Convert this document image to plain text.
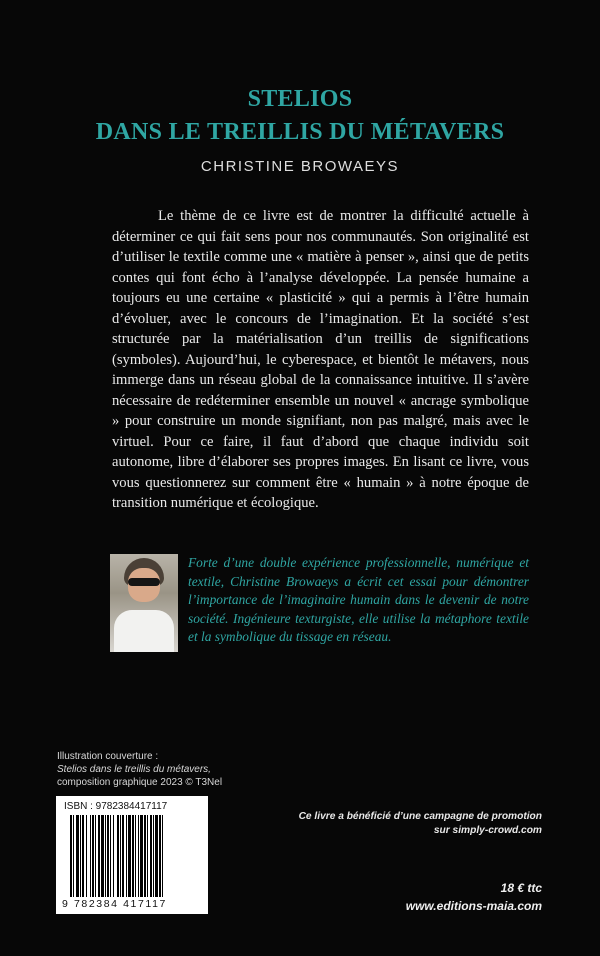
STELIOS
DANS LE TREILLIS DU MÉTAVERS
CHRISTINE BROWAEYS

Le thème de ce livre est de montrer la difficulté actuelle à déterminer ce qui fait sens pour nos communautés. Son originalité est d’utiliser le textile comme une « matière à penser », ainsi que de petits contes qui font écho à l’analyse développée. La pensée humaine a toujours eu une certaine « plasticité » qui a permis à l’être humain d’évoluer, avec le concours de l’imagination. Et la société s’est structurée par la matérialisation d’un treillis de significations (symboles). Aujourd’hui, le cyberespace, et bientôt le métavers, nous immerge dans un réseau global de la connaissance intuitive. Il s’avère nécessaire de redéterminer ensemble un nouvel « ancrage symbolique » pour construire un monde signifiant, non pas malgré, mais avec le virtuel. Pour ce faire, il faut d’abord que chaque individu soit autonome, libre d’élaborer ses propres images. En lisant ce livre, vous vous questionnerez sur comment être « humain » à notre époque de transition numérique et écologique.

Forte d’une double expérience professionnelle, numérique et textile, Christine Browaeys a écrit cet essai pour démontrer l’importance de l’imaginaire humain dans le devenir de notre société. Ingénieure texturgiste, elle utilise la métaphore textile et la symbolique du tissage en réseau.

Illustration couverture :
Stelios dans le treillis du métavers,
composition graphique 2023 © T3Nel
ISBN : 9782384417117
9 782384 417117
Ce livre a bénéficié d’une campagne de promotion
sur simply-crowd.com
18 € ttc
www.editions-maia.com
